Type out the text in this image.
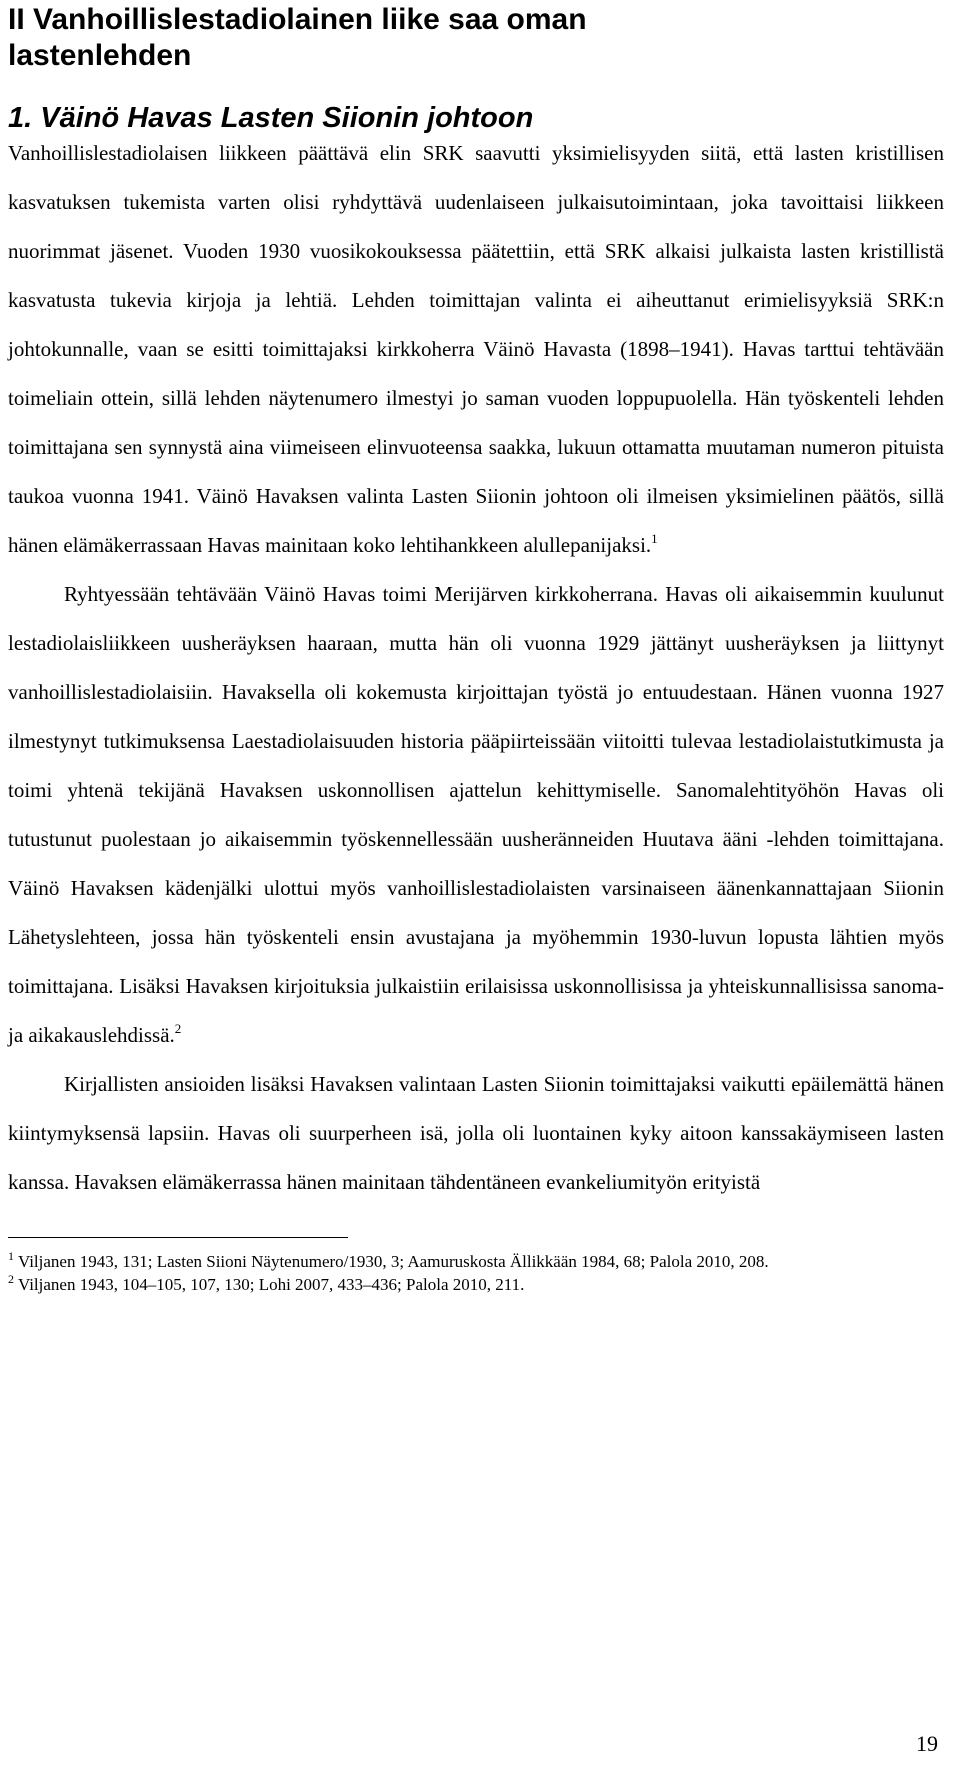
II Vanhoillislestadiolainen liike saa oman lastenlehden
1. Väinö Havas Lasten Siionin johtoon

Vanhoillislestadiolaisen liikkeen päättävä elin SRK saavutti yksimielisyyden siitä, että lasten kristillisen kasvatuksen tukemista varten olisi ryhdyttävä uudenlaiseen julkaisutoimintaan, joka tavoittaisi liikkeen nuorimmat jäsenet. Vuoden 1930 vuosikokouksessa päätettiin, että SRK alkaisi julkaista lasten kristillistä kasvatusta tukevia kirjoja ja lehtiä. Lehden toimittajan valinta ei aiheuttanut erimielisyyksiä SRK:n johtokunnalle, vaan se esitti toimittajaksi kirkkoherra Väinö Havasta (1898–1941). Havas tarttui tehtävään toimeliain ottein, sillä lehden näytenumero ilmestyi jo saman vuoden loppupuolella. Hän työskenteli lehden toimittajana sen synnystä aina viimeiseen elinvuoteensa saakka, lukuun ottamatta muutaman numeron pituista taukoa vuonna 1941. Väinö Havaksen valinta Lasten Siionin johtoon oli ilmeisen yksimielinen päätös, sillä hänen elämäkerrassaan Havas mainitaan koko lehtihankkeen alullepanijaksi.$^1$

Ryhtyessään tehtävään Väinö Havas toimi Merijärven kirkkoherrana. Havas oli aikaisemmin kuulunut lestadiolaisliikkeen uusheräyksen haaraan, mutta hän oli vuonna 1929 jättänyt uusheräyksen ja liittynyt vanhoillislestadiolaisiin. Havaksella oli kokemusta kirjoittajan työstä jo entuudestaan. Hänen vuonna 1927 ilmestynyt tutkimuksensa Laestadiolaisuuden historia pääpiirteissään viitoitti tulevaa lestadiolaistutkimusta ja toimi yhtenä tekijänä Havaksen uskonnollisen ajattelun kehittymiselle. Sanomalehtityöhön Havas oli tutustunut puolestaan jo aikaisemmin työskennellessään uusheränneiden Huutava ääni -lehden toimittajana. Väinö Havaksen kädenjälki ulottui myös vanhoillislestadiolaisten varsinaiseen äänenkannattajaan Siionin Lähetyslehteen, jossa hän työskenteli ensin avustajana ja myöhemmin 1930-luvun lopusta lähtien myös toimittajana. Lisäksi Havaksen kirjoituksia julkaistiin erilaisissa uskonnollisissa ja yhteiskunnallisissa sanoma- ja aikakauslehdissä.$^2$

Kirjallisten ansioiden lisäksi Havaksen valintaan Lasten Siionin toimittajaksi vaikutti epäilemättä hänen kiintymyksensä lapsiin. Havas oli suurperheen isä, jolla oli luontainen kyky aitoon kanssakäymiseen lasten kanssa. Havaksen elämäkerrassa hänen mainitaan tähdentäneen evankeliumityön erityistä

$^1$ Viljanen 1943, 131; Lasten Siioni Näytenumero/1930, 3; Aamuruskosta Ällikkään 1984, 68; Palola 2010, 208.

$^2$ Viljanen 1943, 104–105, 107, 130; Lohi 2007, 433–436; Palola 2010, 211.

19
